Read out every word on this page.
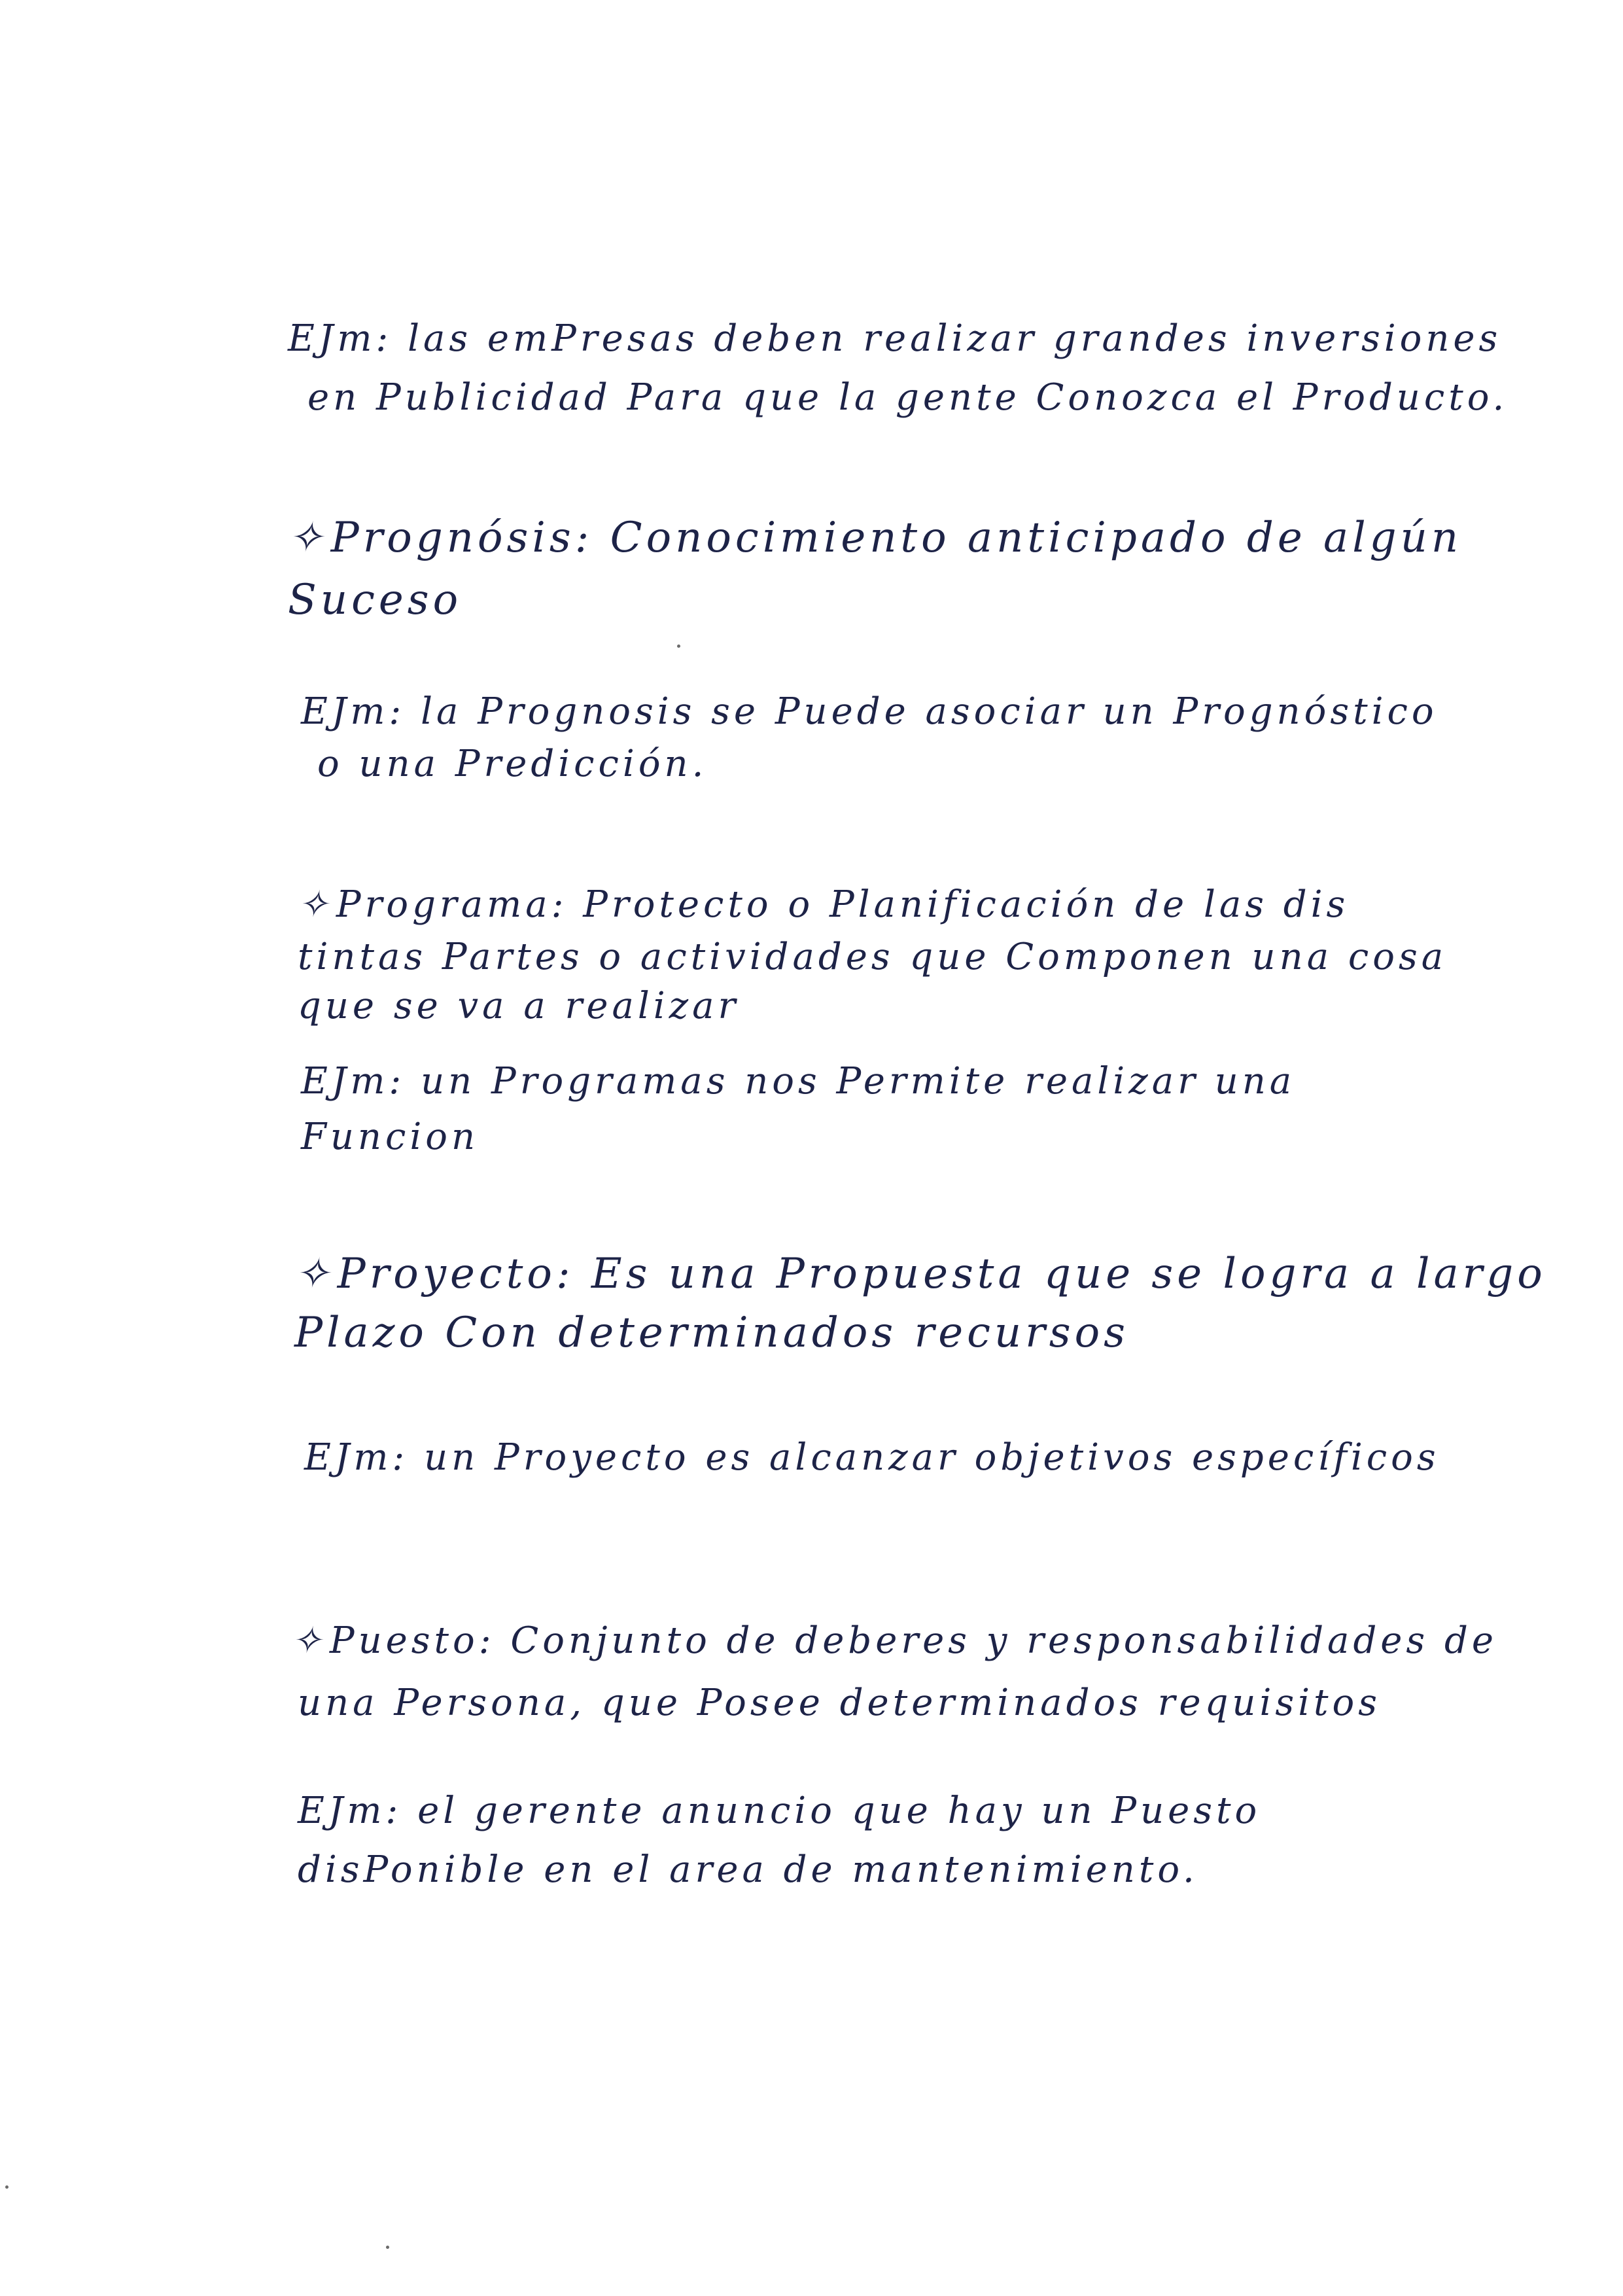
EJm: las emPresas deben realizar grandes inversiones
en Publicidad Para que la gente Conozca el Producto.
✧Prognósis: Conocimiento anticipado de algún
Suceso
EJm: la Prognosis se Puede asociar un Prognóstico
o una Predicción.
✧ Programa: Protecto o Planificación de las dis
tintas Partes o actividades que Componen una cosa
que se va a realizar
EJm: un Programas nos Permite realizar una
Funcion
✧Proyecto: Es una Propuesta que se logra a largo
Plazo Con determinados recursos
EJm: un Proyecto es alcanzar objetivos específicos
✧ Puesto: Conjunto de deberes y responsabilidades de
una Persona, que Posee determinados requisitos
EJm: el gerente anuncio que hay un Puesto
disPonible en el area de mantenimiento.
